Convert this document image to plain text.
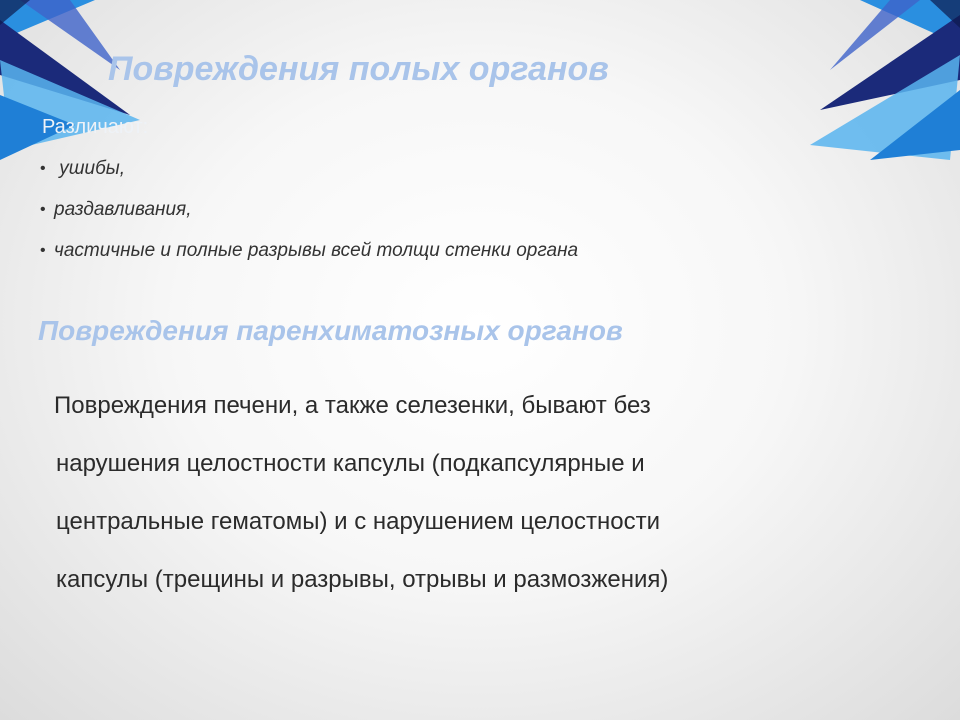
Повреждения полых органов

Различают:

• ушибы,
• раздавливания,
• частичные и полные разрывы всей толщи стенки органа
Повреждения паренхиматозных органов

Повреждения печени, а также селезенки, бывают без
нарушения целостности капсулы (подкапсулярные и
центральные гематомы) и с нарушением целостности
капсулы (трещины и разрывы, отрывы и размозжения)
